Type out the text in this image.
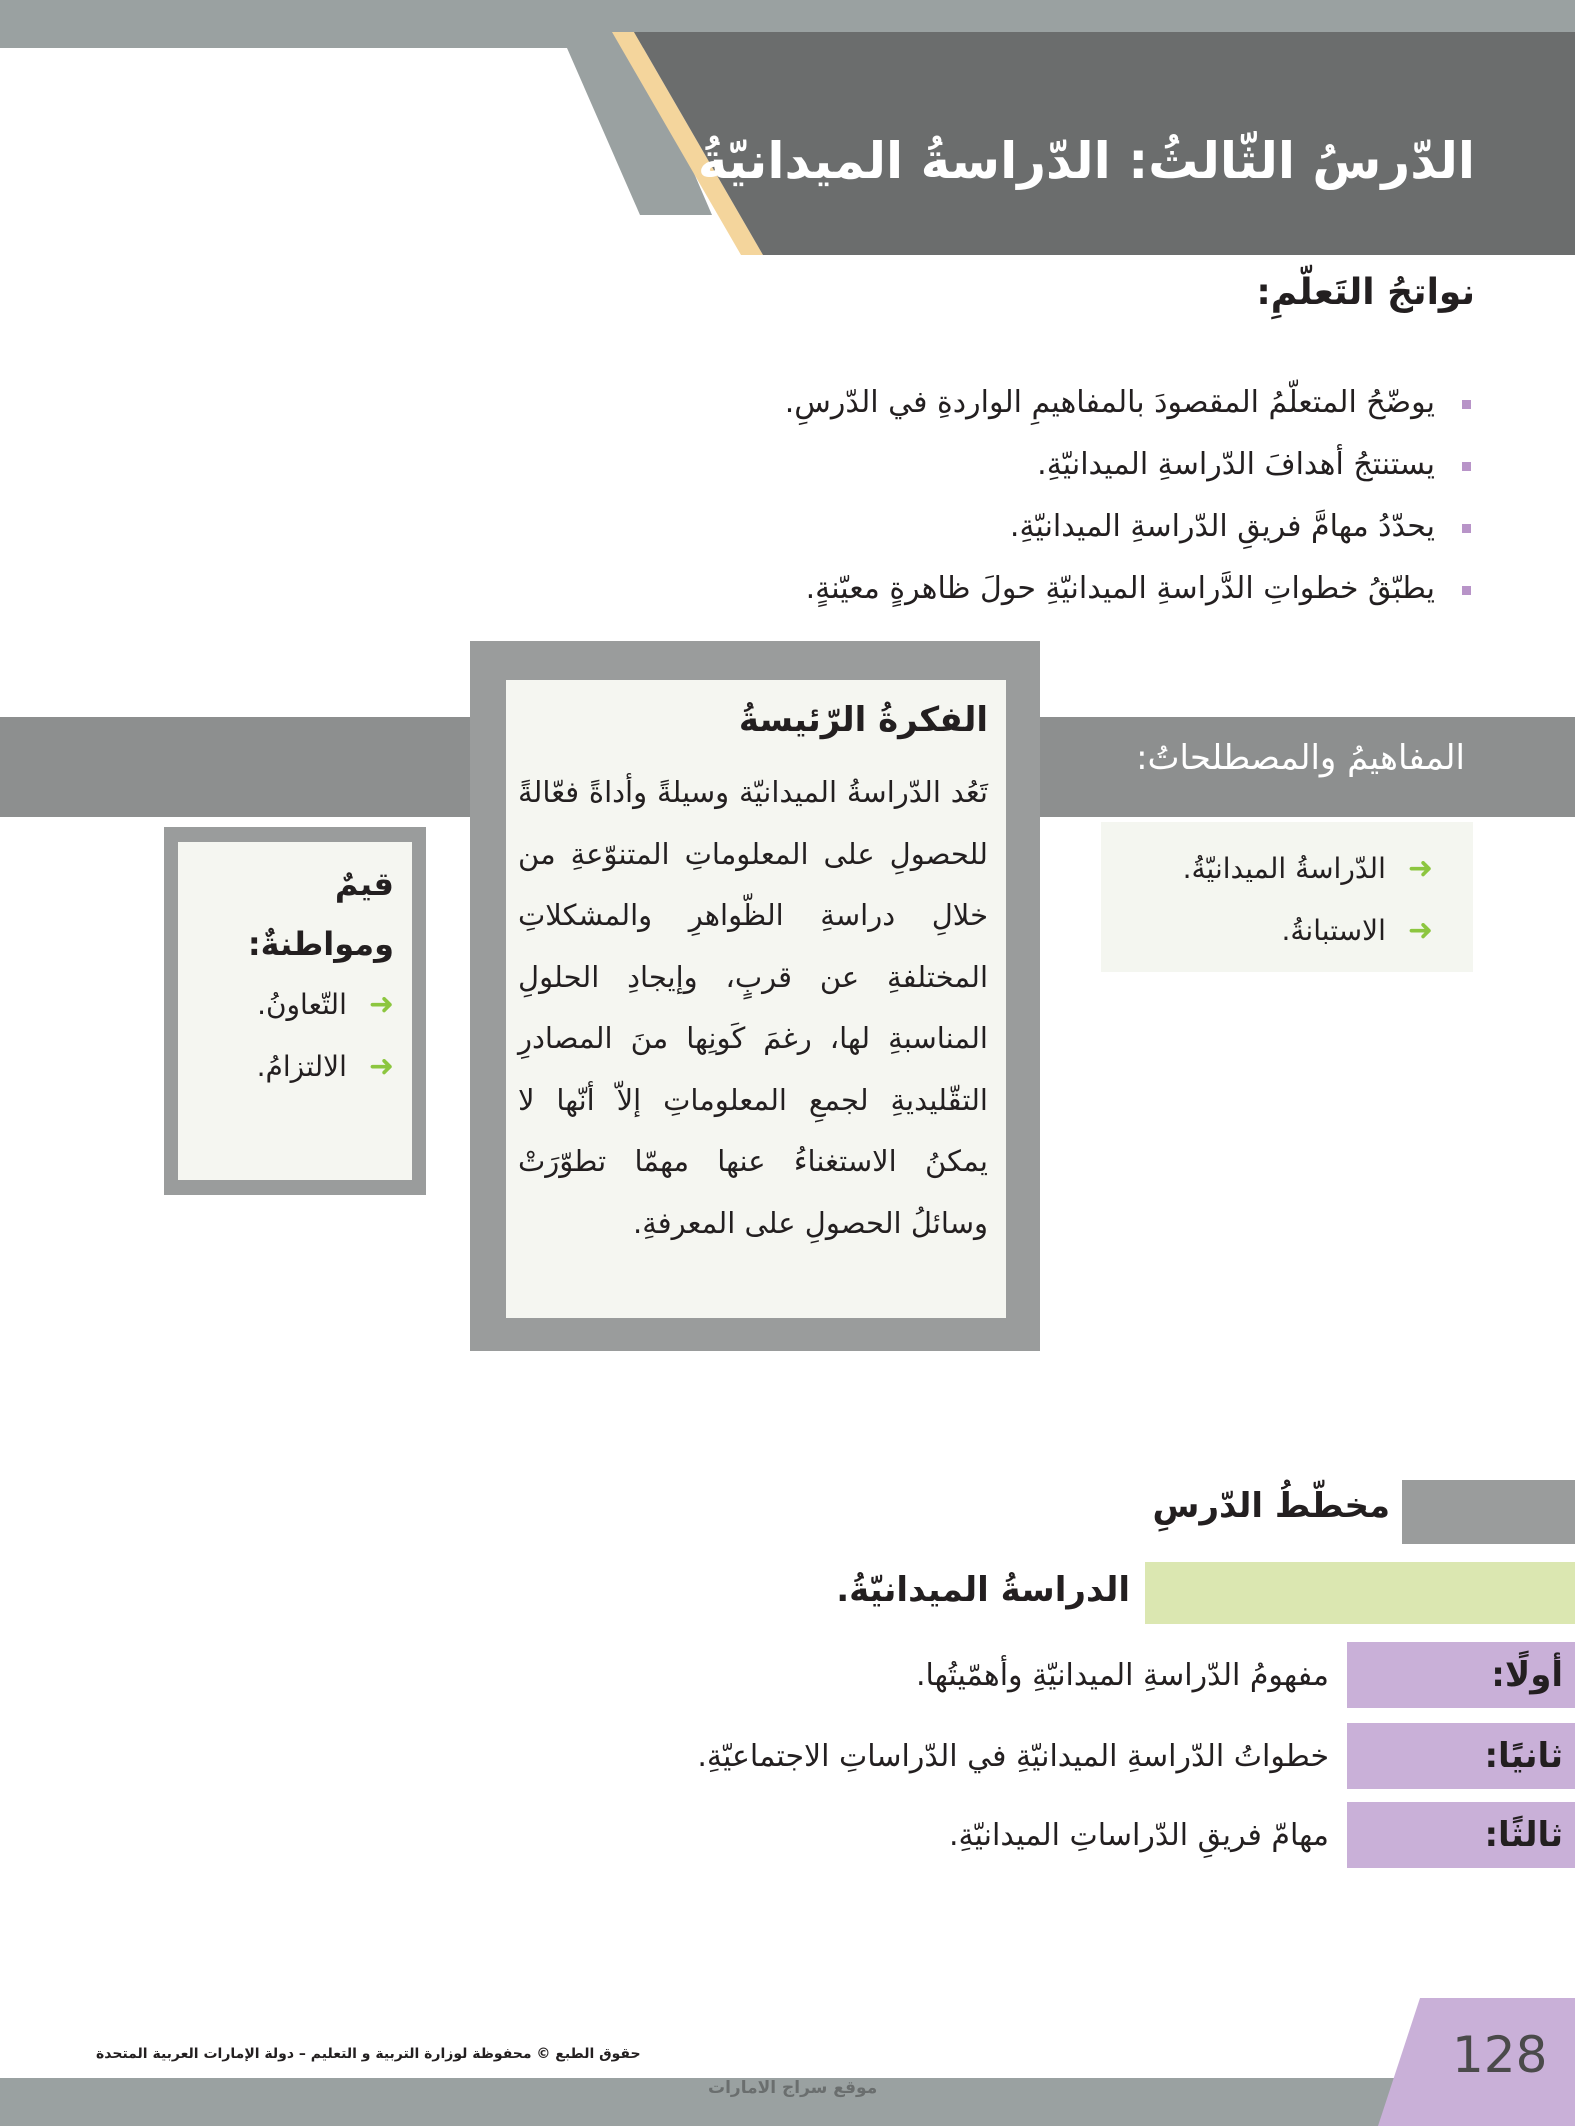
الدّرسُ الثّالثُ: الدّراسةُ الميدانيّةُ
نواتجُ التَعلّمِ:
يوضّحُ المتعلّمُ المقصودَ بالمفاهيمِ الواردةِ في الدّرسِ.
يستنتجُ أهدافَ الدّراسةِ الميدانيّةِ.
يحدّدُ مهامَّ فريقِ الدّراسةِ الميدانيّةِ.
يطبّقُ خطواتِ الدَّراسةِ الميدانيّةِ حولَ ظاهرةٍ معيّنةٍ.
المفاهيمُ والمصطلحاتُ:
➜
الدّراسةُ الميدانيّةُ.
➜
الاستبانةُ.
الفكرةُ الرّئيسةُ

تَعُد الدّراسةُ الميدانيّة وسيلةً وأداةً فعّالةً للحصولِ على المعلوماتِ المتنوّعةِ من خلالِ دراسةِ الظّواهرِ والمشكلاتِ المختلفةِ عن قربٍ، وإيجادِ الحلولِ المناسبةِ لها، رغمَ كَونِها منَ المصادرِ التقّليديةِ لجمعِ المعلوماتِ إلاّ أنّها لا يمكنُ الاستغناءُ عنها مهمّا تطوّرَتْ وسائلُ الحصولِ على المعرفةِ.

قيمٌ ومواطنةٌ:
➜
التّعاونُ.
➜
الالتزامُ.
مخطّطُ الدّرسِ
الدراسةُ الميدانيّةُ.
أولًا:
مفهومُ الدّراسةِ الميدانيّةِ وأهمّيتُها.
ثانيًا:
خطواتُ الدّراسةِ الميدانيّةِ في الدّراساتِ الاجتماعيّةِ.
ثالثًا:
مهامّ فريقِ الدّراساتِ الميدانيّةِ.
128
حقوق الطبع © محفوظة لوزارة التربية و التعليم – دولة الإمارات العربية المتحدة
موقع سراج الامارات
